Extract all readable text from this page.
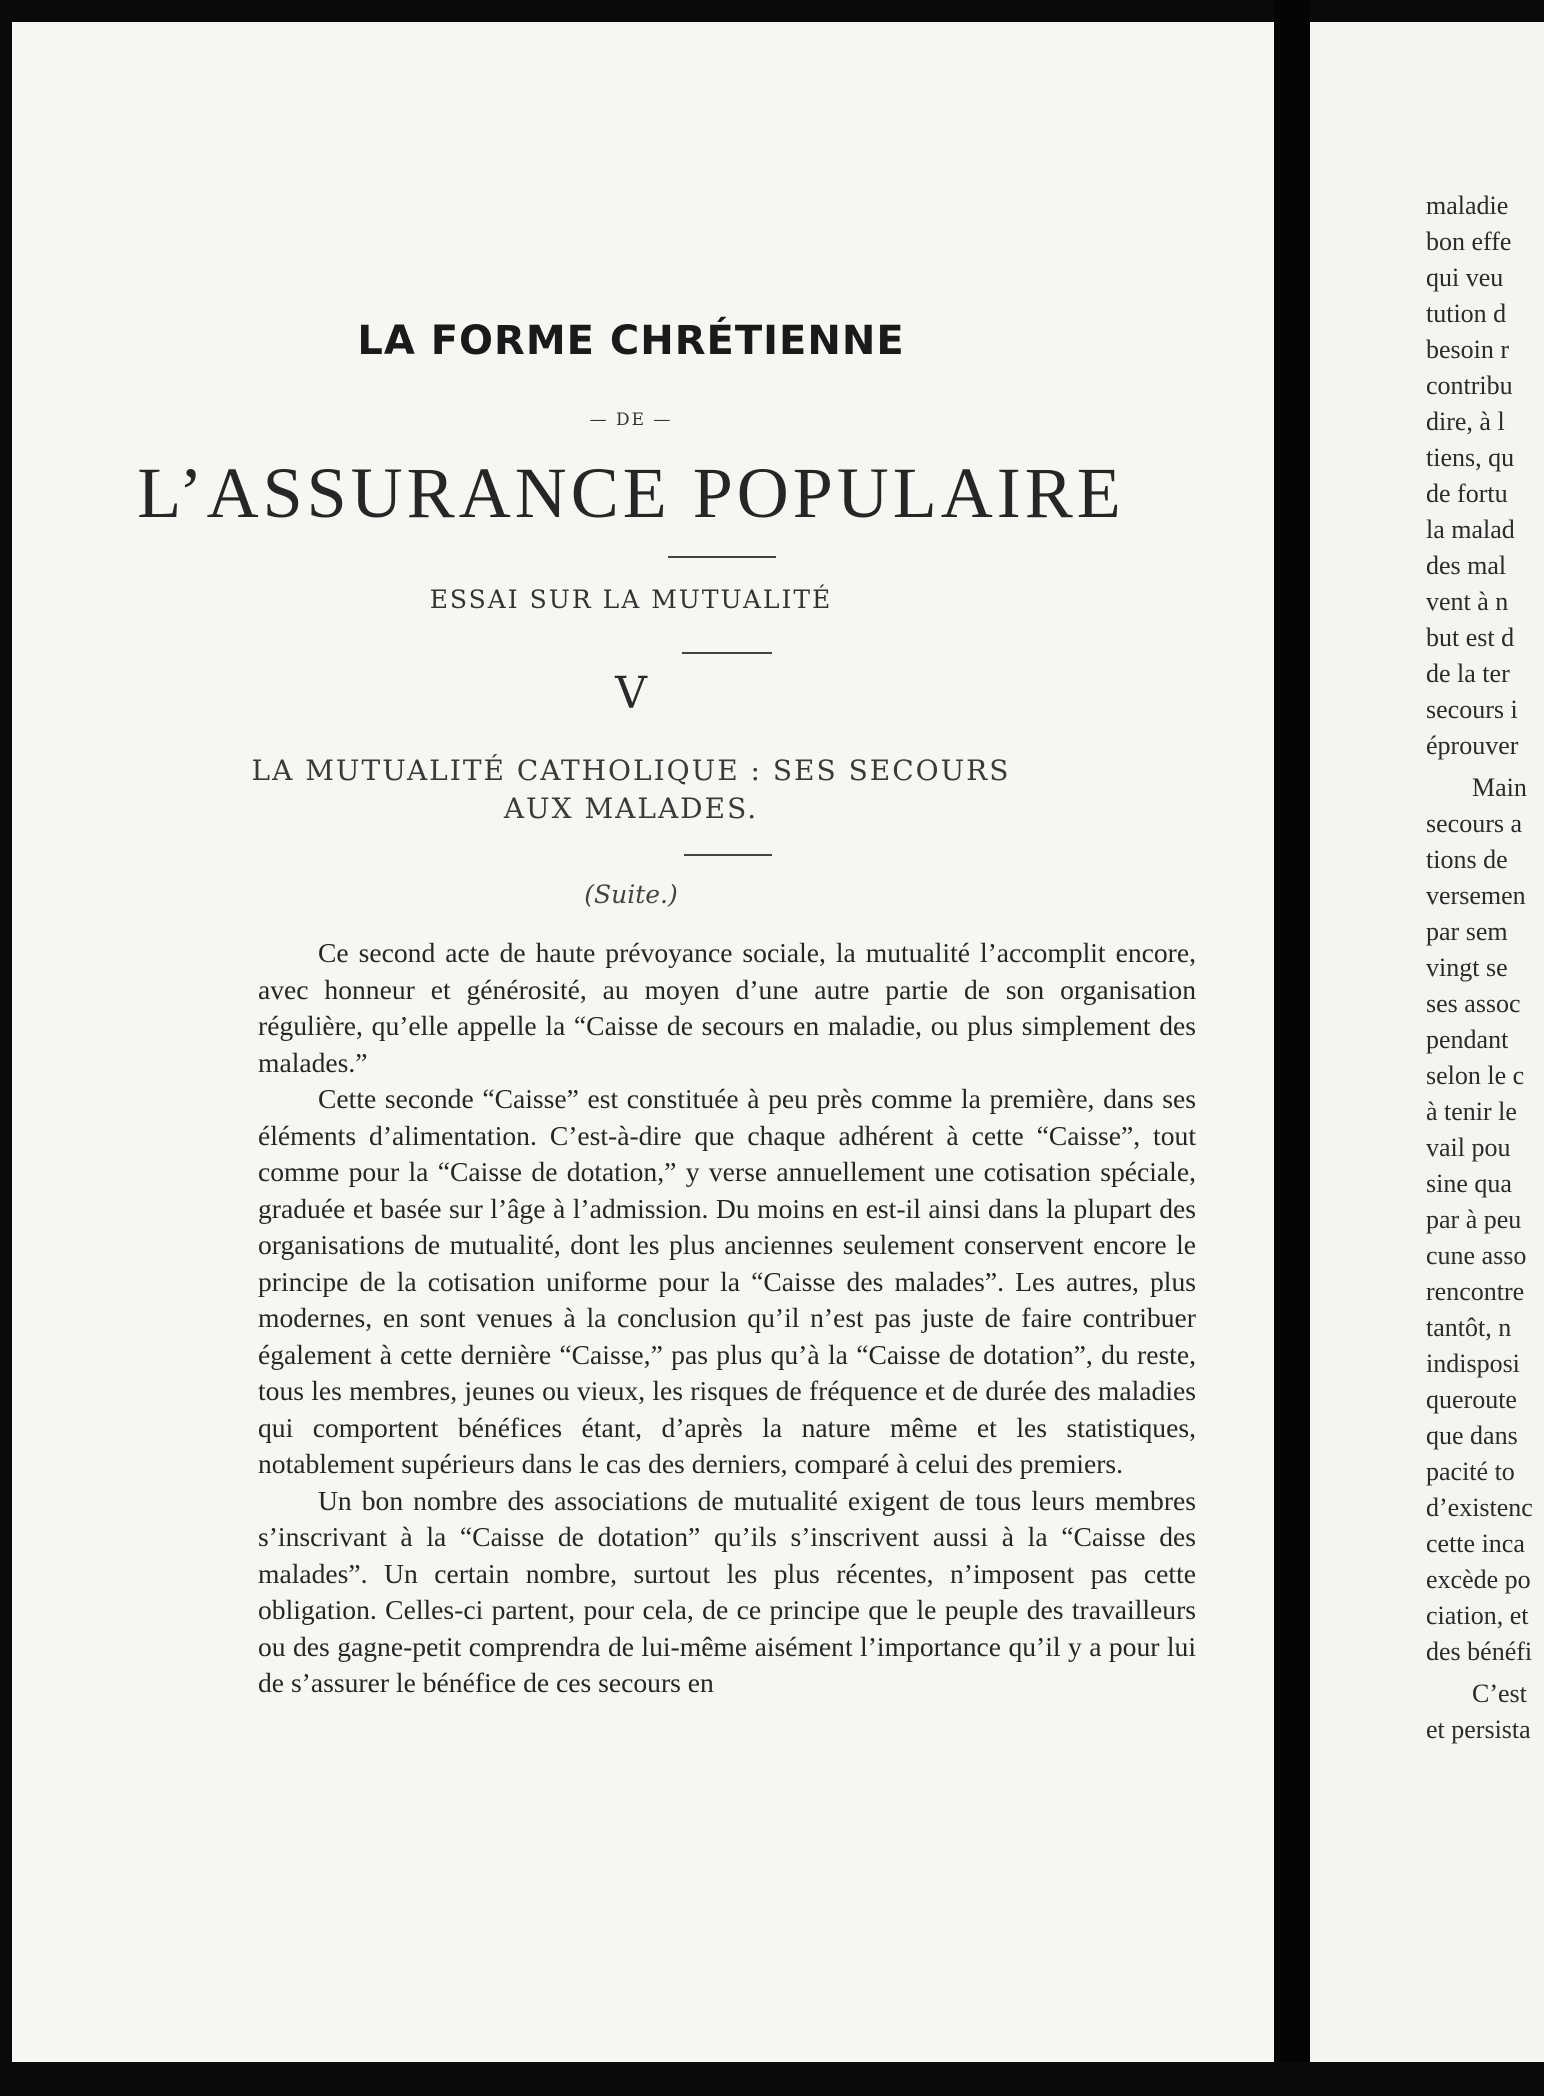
LA FORME CHRÉTIENNE
— DE —
L’ASSURANCE POPULAIRE
ESSAI SUR LA MUTUALITÉ
V
LA MUTUALITÉ CATHOLIQUE : SES SECOURS AUX MALADES.
(Suite.)

Ce second acte de haute prévoyance sociale, la mutualité l’accomplit encore, avec honneur et générosité, au moyen d’une autre partie de son organisation régulière, qu’elle appelle la “Caisse de secours en maladie, ou plus simplement des malades.”

Cette seconde “Caisse” est constituée à peu près comme la première, dans ses éléments d’alimentation. C’est-à-dire que chaque adhérent à cette “Caisse”, tout comme pour la “Caisse de dotation,” y verse annuellement une cotisation spéciale, graduée et basée sur l’âge à l’admission. Du moins en est-il ainsi dans la plupart des organisations de mutualité, dont les plus anciennes seulement conservent encore le principe de la cotisation uniforme pour la “Caisse des malades”. Les autres, plus modernes, en sont venues à la conclusion qu’il n’est pas juste de faire contribuer également à cette dernière “Caisse,” pas plus qu’à la “Caisse de dotation”, du reste, tous les membres, jeunes ou vieux, les risques de fréquence et de durée des maladies qui comportent bénéfices étant, d’après la nature même et les statistiques, notablement supérieurs dans le cas des derniers, comparé à celui des premiers.

Un bon nombre des associations de mutualité exigent de tous leurs membres s’inscrivant à la “Caisse de dotation” qu’ils s’inscrivent aussi à la “Caisse des malades”. Un certain nombre, surtout les plus récentes, n’imposent pas cette obligation. Celles-ci partent, pour cela, de ce principe que le peuple des travailleurs ou des gagne-petit comprendra de lui-même aisément l’importance qu’il y a pour lui de s’assurer le bénéfice de ces secours en

maladie
bon effe
qui veu
tution d
besoin r
contribu
dire, à l
tiens, qu
de fortu
la malad
des mal
vent à n
but est d
de la ter
secours i
éprouver
Main
secours a
tions de
versemen
par sem
vingt se
ses assoc
pendant
selon le c
à tenir le
vail pou
sine qua
par à peu
cune asso
rencontre
tantôt, n
indisposi
queroute
que dans
pacité to
d’existenc
cette inca
excède po
ciation, et
des bénéfi
C’est
et persista
